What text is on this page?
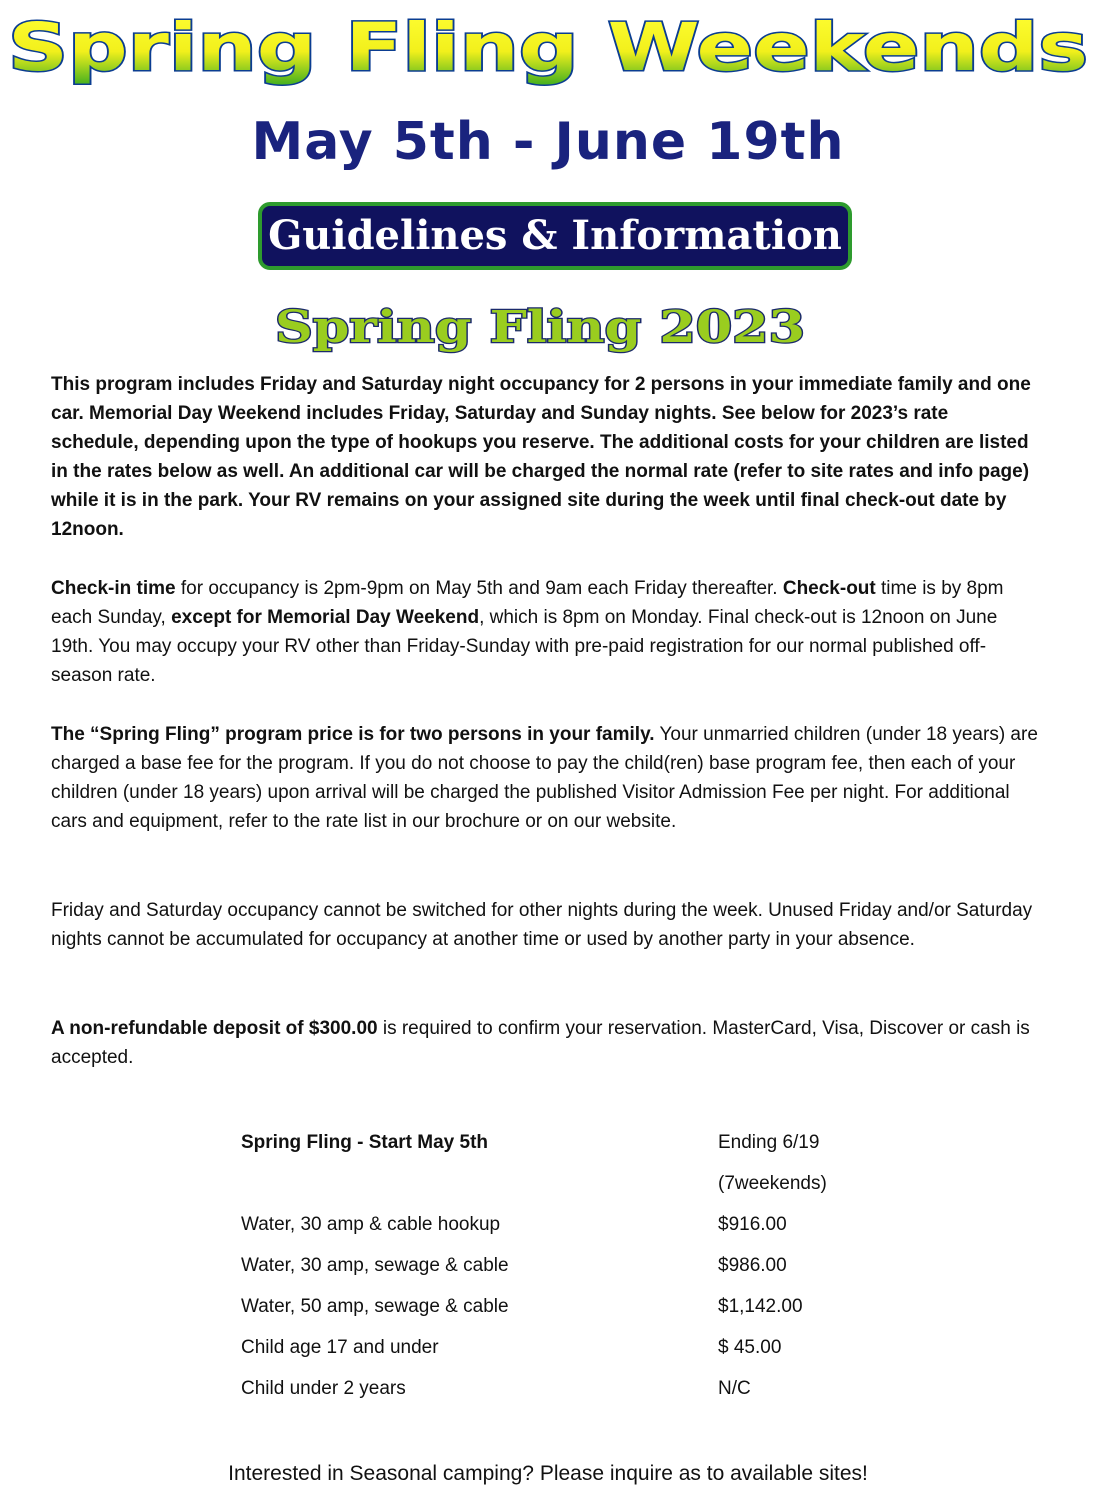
Spring Fling Weekends
May 5th - June 19th
Guidelines & Information
Spring Fling 2023
This program includes Friday and Saturday night occupancy for 2 persons in your immediate family and one car. Memorial Day Weekend includes Friday, Saturday and Sunday nights. See below for 2023’s rate schedule, depending upon the type of hookups you reserve. The additional costs for your children are listed in the rates below as well. An additional car will be charged the normal rate (refer to site rates and info page) while it is in the park. Your RV remains on your assigned site during the week until final check-out date by 12noon.
Check-in time for occupancy is 2pm-9pm on May 5th and 9am each Friday thereafter. Check-out time is by 8pm each Sunday, except for Memorial Day Weekend, which is 8pm on Monday. Final check-out is 12noon on June 19th. You may occupy your RV other than Friday-Sunday with pre-paid registration for our normal published off-season rate.
The “Spring Fling” program price is for two persons in your family. Your unmarried children (under 18 years) are charged a base fee for the program. If you do not choose to pay the child(ren) base program fee, then each of your children (under 18 years) upon arrival will be charged the published Visitor Admission Fee per night. For additional cars and equipment, refer to the rate list in our brochure or on our website.
Friday and Saturday occupancy cannot be switched for other nights during the week. Unused Friday and/or Saturday nights cannot be accumulated for occupancy at another time or used by another party in your absence.
A non-refundable deposit of $300.00 is required to confirm your reservation. MasterCard, Visa, Discover or cash is accepted.
Spring Fling - Start May 5th	Ending 6/19
(7weekends)
Water, 30 amp & cable hookup	$916.00
Water, 30 amp, sewage & cable	$986.00
Water, 50 amp, sewage & cable	$1,142.00
Child age 17 and under	$ 45.00
Child under 2 years	N/C
Interested in Seasonal camping? Please inquire as to available sites!
